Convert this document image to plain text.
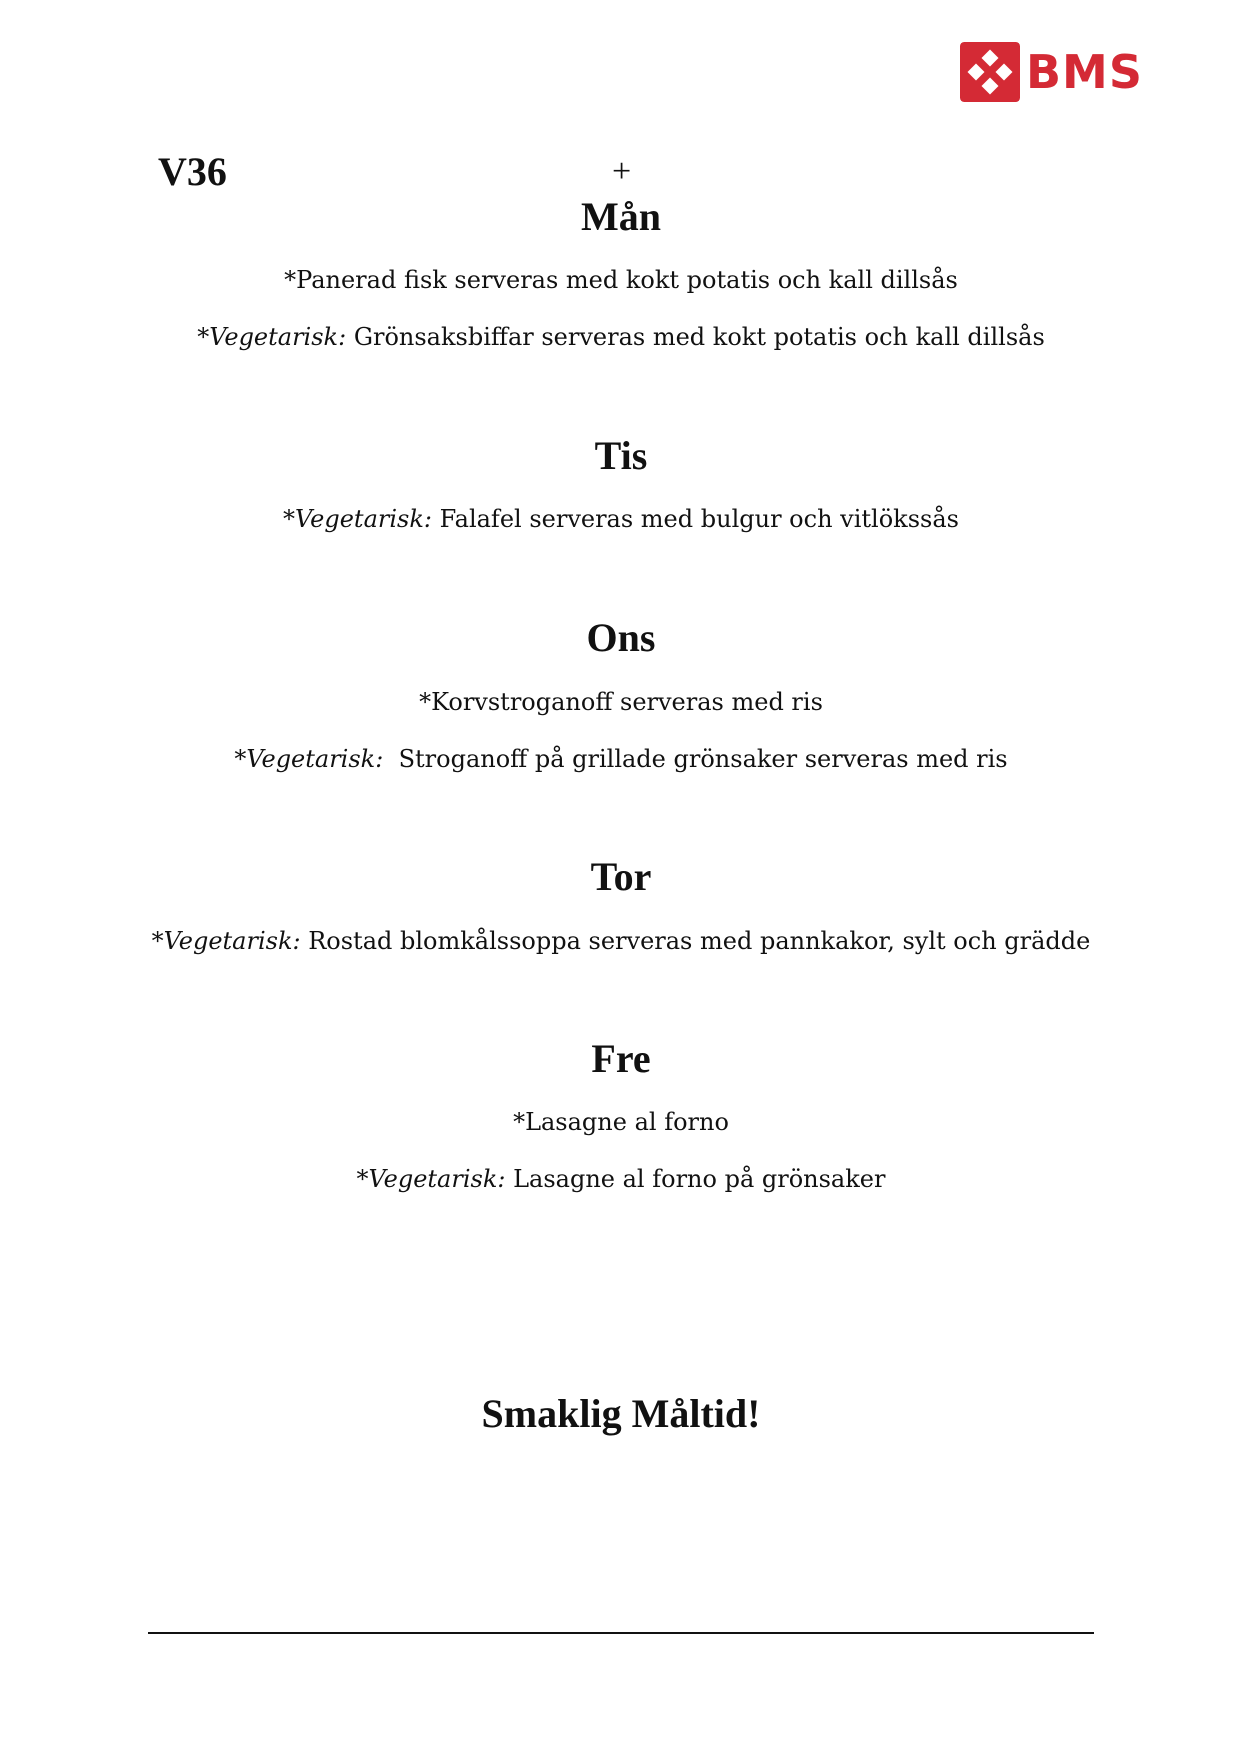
BMS
V36	+
Mån
*Panerad fisk serveras med kokt potatis och kall dillsås
*Vegetarisk: Grönsaksbiffar serveras med kokt potatis och kall dillsås
Tis
*Vegetarisk: Falafel serveras med bulgur och vitlökssås
Ons
*Korvstroganoff serveras med ris
*Vegetarisk:  Stroganoff på grillade grönsaker serveras med ris
Tor
*Vegetarisk: Rostad blomkålssoppa serveras med pannkakor, sylt och grädde
Fre
*Lasagne al forno
*Vegetarisk: Lasagne al forno på grönsaker
Smaklig Måltid!
